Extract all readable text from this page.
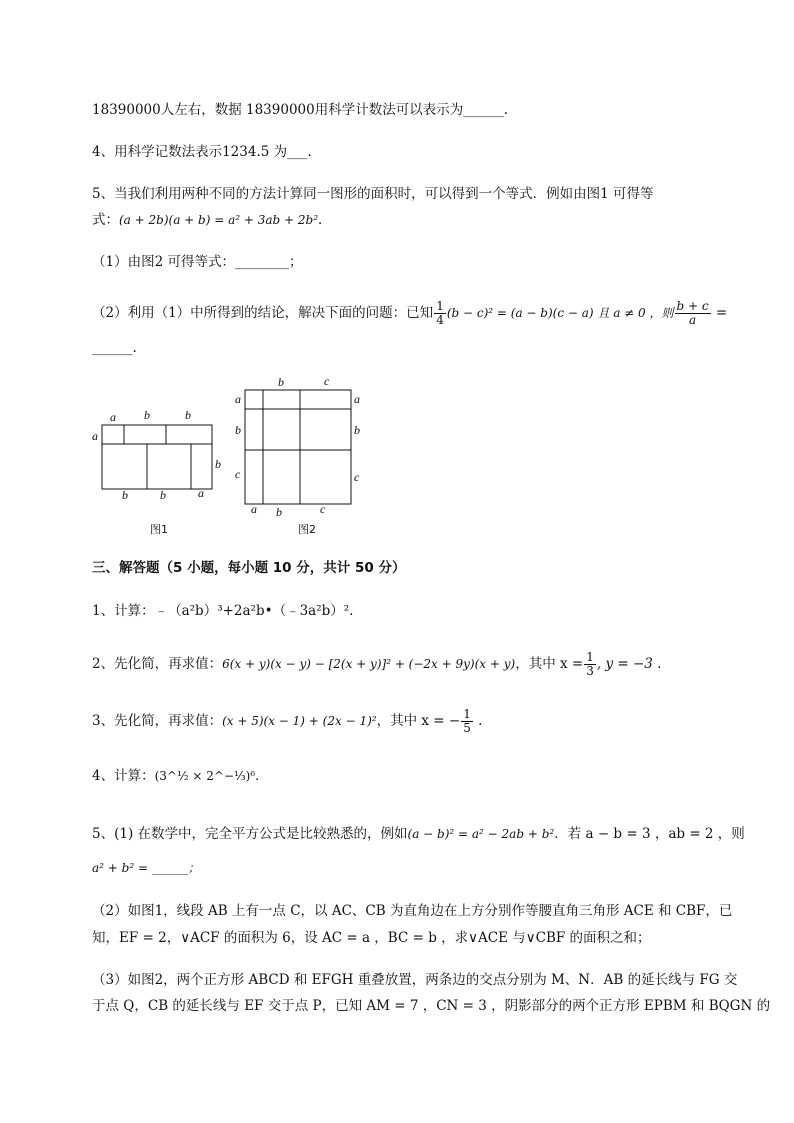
18390000人左右，数据 18390000用科学计数法可以表示为______.
4、用科学记数法表示1234.5 为___.
5、当我们利用两种不同的方法计算同一图形的面积时，可以得到一个等式．例如由图1 可得等
式：(a + 2b)(a + b) = a² + 3ab + 2b²．
（1）由图2 可得等式：________；
（2）利用（1）中所得到的结论，解决下面的问题：已知 $\frac{1}{4} (b - c)^2 = (a - b)(c - a)$ 且 a ≠ 0 ，则 $\frac{b + c}{a}$ =
______.
a b	b
a
b
b	b	a
图1
b	c
a
b
c
a
b
c
a b	c
图2
三、解答题（5 小题，每小题 10 分，共计 50 分）
1、计算：﹣（a²b）³+2a²b•（﹣3a²b）².
2、先化简，再求值：6(x + y)(x − y) − [2(x + y)]² + (−2x + 9y)(x + y)，其中 $x = \frac{1}{3}$ , y = −3 .
3、先化简，再求值：(x + 5)(x − 1) + (2x − 1)²，其中 x = − $\frac{1}{5}$ .
4、计算：(3^½ × 2^−⅓)⁶．
5、(1) 在数学中，完全平方公式是比较熟悉的，例如(a − b)² = a² − 2ab + b²．若 a − b = 3 ，ab = 2 ，则
a² + b² = ______；
（2）如图1，线段 AB 上有一点 C，以 AC、CB 为直角边在上方分别作等腰直角三角形 ACE 和 CBF，已
知，EF = 2，∨ACF 的面积为 6，设 AC = a ，BC = b ，求∨ACE 与∨CBF 的面积之和；
（3）如图2，两个正方形 ABCD 和 EFGH 重叠放置，两条边的交点分别为 M、N．AB 的延长线与 FG 交
于点 Q，CB 的延长线与 EF 交于点 P，已知 AM = 7 ，CN = 3 ，阴影部分的两个正方形 EPBM 和 BQGN 的
